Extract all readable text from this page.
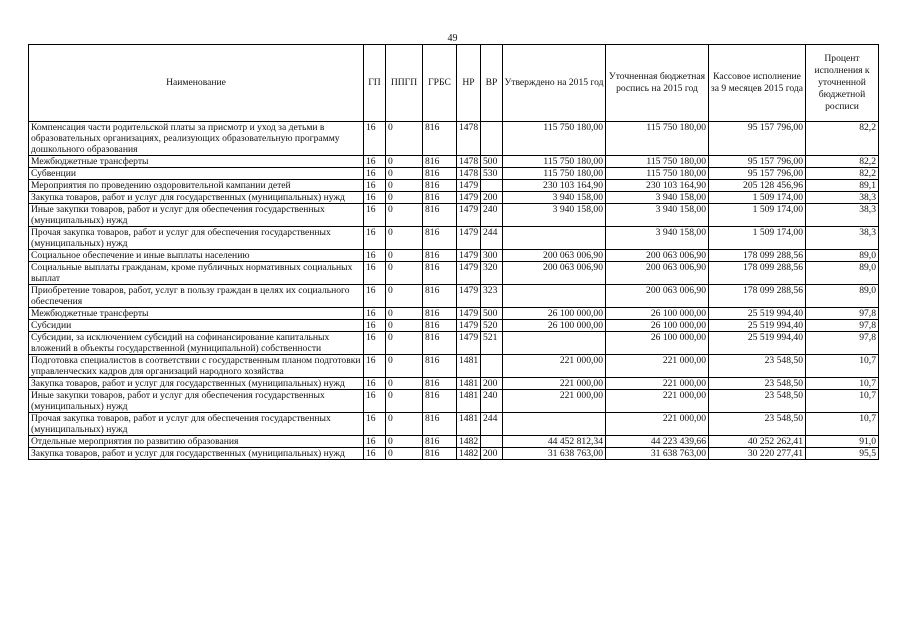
49
Наименование	ГП	ППГП	ГРБС	НР	ВР	Утверждено на 2015 год	Уточненная бюджетная роспись на 2015 год	Кассовое исполнение за 9 месяцев 2015 года	Процент исполнения к уточненной бюджетной росписи
Компенсация части родительской платы за присмотр и уход за детьми в образовательных организациях, реализующих образовательную программу дошкольного образования	16	0	816	1478		115 750 180,00	115 750 180,00	95 157 796,00	82,2
Межбюджетные трансферты	16	0	816	1478	500	115 750 180,00	115 750 180,00	95 157 796,00	82,2
Субвенции	16	0	816	1478	530	115 750 180,00	115 750 180,00	95 157 796,00	82,2
Мероприятия по проведению оздоровительной кампании детей	16	0	816	1479		230 103 164,90	230 103 164,90	205 128 456,96	89,1
Закупка товаров, работ и услуг для государственных (муниципальных) нужд	16	0	816	1479	200	3 940 158,00	3 940 158,00	1 509 174,00	38,3
Иные закупки товаров, работ и услуг для обеспечения государственных (муниципальных) нужд	16	0	816	1479	240	3 940 158,00	3 940 158,00	1 509 174,00	38,3
Прочая закупка товаров, работ и услуг для обеспечения государственных (муниципальных) нужд	16	0	816	1479	244		3 940 158,00	1 509 174,00	38,3
Социальное обеспечение и иные выплаты населению	16	0	816	1479	300	200 063 006,90	200 063 006,90	178 099 288,56	89,0
Социальные выплаты гражданам, кроме публичных нормативных социальных выплат	16	0	816	1479	320	200 063 006,90	200 063 006,90	178 099 288,56	89,0
Приобретение товаров, работ, услуг в пользу граждан в целях их социального обеспечения	16	0	816	1479	323		200 063 006,90	178 099 288,56	89,0
Межбюджетные трансферты	16	0	816	1479	500	26 100 000,00	26 100 000,00	25 519 994,40	97,8
Субсидии	16	0	816	1479	520	26 100 000,00	26 100 000,00	25 519 994,40	97,8
Субсидии, за исключением субсидий на софинансирование капитальных вложений в объекты государственной (муниципальной) собственности	16	0	816	1479	521		26 100 000,00	25 519 994,40	97,8
Подготовка специалистов в соответствии с государственным планом подготовки управленческих кадров для организаций народного хозяйства	16	0	816	1481		221 000,00	221 000,00	23 548,50	10,7
Закупка товаров, работ и услуг для государственных (муниципальных) нужд	16	0	816	1481	200	221 000,00	221 000,00	23 548,50	10,7
Иные закупки товаров, работ и услуг для обеспечения государственных (муниципальных) нужд	16	0	816	1481	240	221 000,00	221 000,00	23 548,50	10,7
Прочая закупка товаров, работ и услуг для обеспечения государственных (муниципальных) нужд	16	0	816	1481	244		221 000,00	23 548,50	10,7
Отдельные мероприятия по развитию образования	16	0	816	1482		44 452 812,34	44 223 439,66	40 252 262,41	91,0
Закупка товаров, работ и услуг для государственных (муниципальных) нужд	16	0	816	1482	200	31 638 763,00	31 638 763,00	30 220 277,41	95,5
